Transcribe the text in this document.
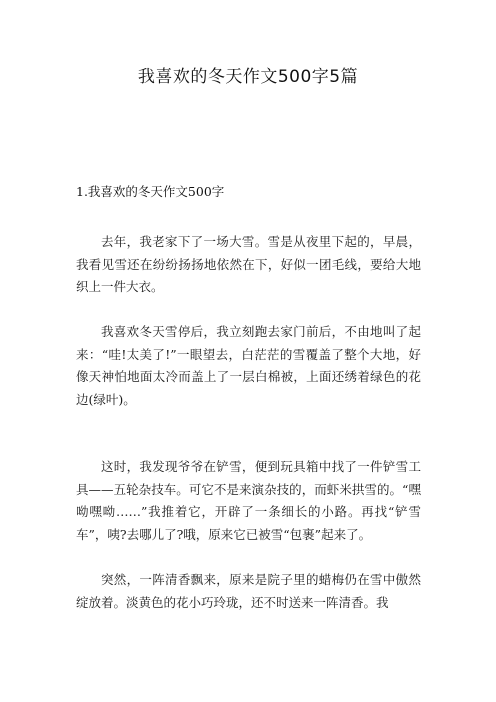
我喜欢的冬天作文500字5篇
1.我喜欢的冬天作文500字
去年，我老家下了一场大雪。雪是从夜里下起的，早晨，我看见雪还在纷纷扬扬地依然在下，好似一团毛线，要给大地织上一件大衣。
我喜欢冬天雪停后，我立刻跑去家门前后，不由地叫了起来：“哇!太美了!”一眼望去，白茫茫的雪覆盖了整个大地，好像天神怕地面太冷而盖上了一层白棉被，上面还绣着绿色的花边(绿叶)。
这时，我发现爷爷在铲雪，便到玩具箱中找了一件铲雪工具——五轮杂技车。可它不是来演杂技的，而虾米拱雪的。“嘿呦嘿呦……”我推着它，开辟了一条细长的小路。再找“铲雪车”，咦?去哪儿了?哦，原来它已被雪“包裹”起来了。
突然，一阵清香飘来，原来是院子里的蜡梅仍在雪中傲然绽放着。淡黄色的花小巧玲珑，还不时送来一阵清香。我
